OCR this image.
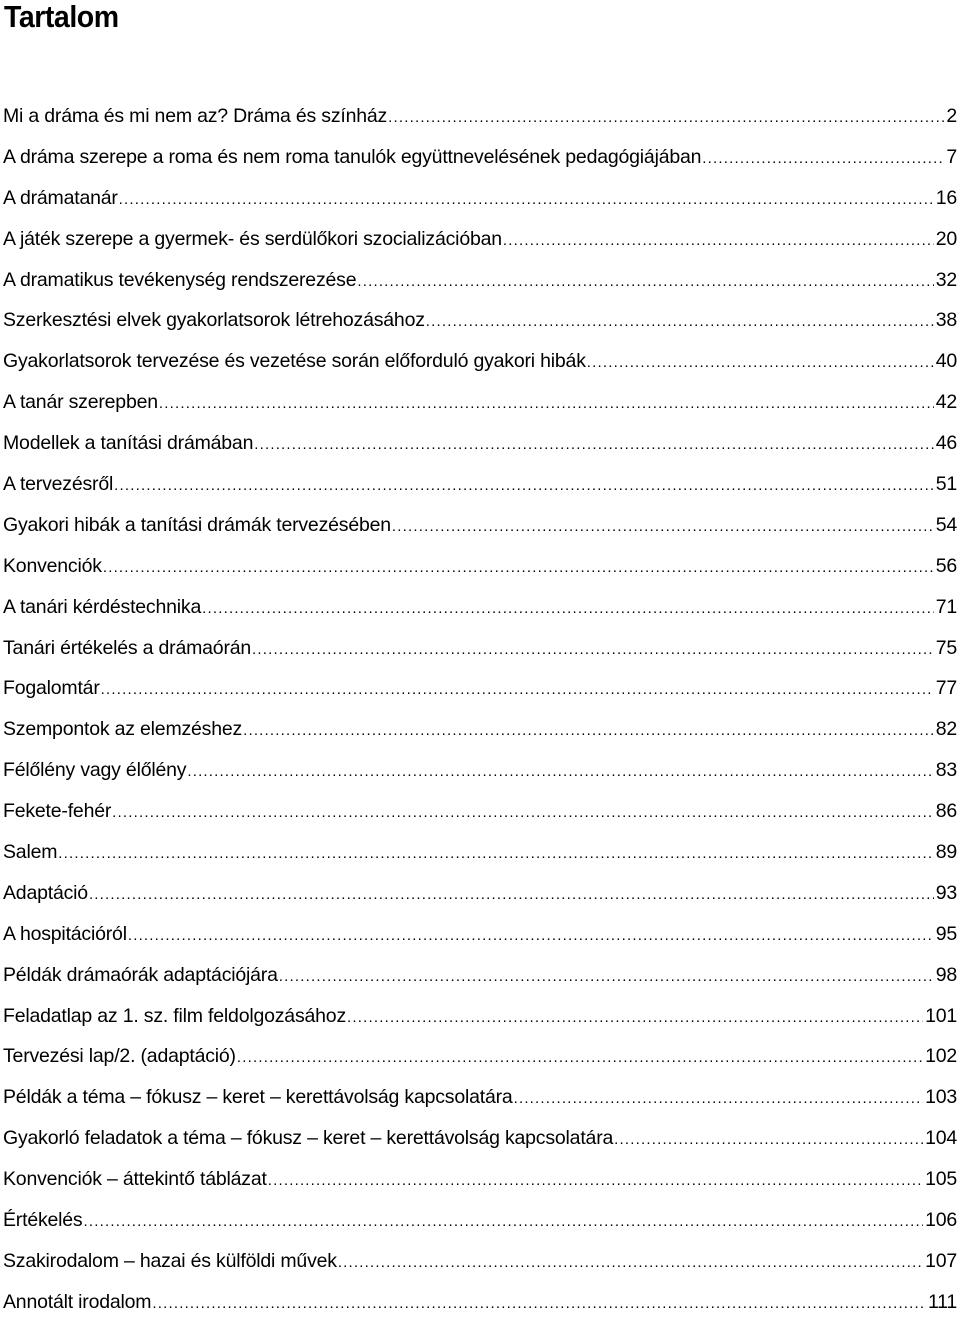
Tartalom
Mi a dráma és mi nem az? Dráma és színház .....	2
A dráma szerepe a roma és nem roma tanulók együttnevelésének pedagógiájában .....	7
A drámatanár .....	16
A játék szerepe a gyermek- és serdülőkori szocializációban .....	20
A dramatikus tevékenység rendszerezése .....	32
Szerkesztési elvek gyakorlatsorok létrehozásához .....	38
Gyakorlatsorok tervezése és vezetése során előforduló gyakori hibák .....	40
A tanár szerepben .....	42
Modellek a tanítási drámában .....	46
A tervezésről .....	51
Gyakori hibák a tanítási drámák tervezésében .....	54
Konvenciók .....	56
A tanári kérdéstechnika .....	71
Tanári értékelés a drámaórán .....	75
Fogalomtár .....	77
Szempontok az elemzéshez .....	82
Félőlény vagy élőlény .....	83
Fekete-fehér .....	86
Salem .....	89
Adaptáció .....	93
A hospitációról .....	95
Példák drámaórák adaptációjára .....	98
Feladatlap az 1. sz. film feldolgozásához .....	101
Tervezési lap/2. (adaptáció) .....	102
Példák a téma – fókusz – keret – kerettávolság kapcsolatára .....	103
Gyakorló feladatok a téma – fókusz – keret – kerettávolság kapcsolatára .....	104
Konvenciók – áttekintő táblázat .....	105
Értékelés .....	106
Szakirodalom – hazai és külföldi művek .....	107
Annotált irodalom .....	111
